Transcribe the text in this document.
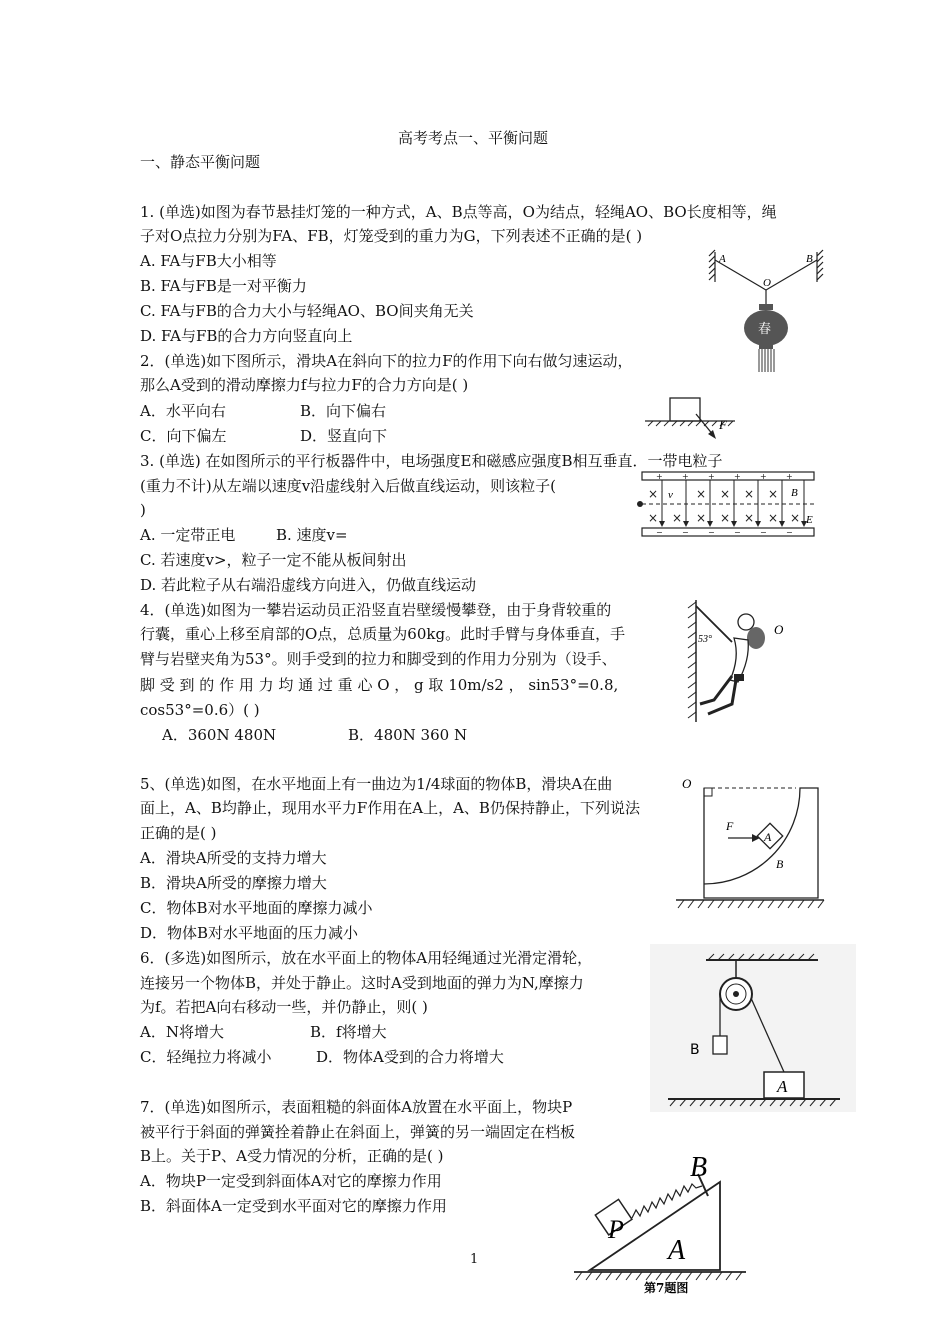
高考考点一、平衡问题
一、静态平衡问题
1. (单选)如图为春节悬挂灯笼的一种方式，A、B点等高，O为结点，轻绳AO、BO长度相等，绳
子对O点拉力分别为FA、FB，灯笼受到的重力为G，下列表述不正确的是( )
A. FA与FB大小相等
B. FA与FB是一对平衡力
C. FA与FB的合力大小与轻绳AO、BO间夹角无关
D. FA与FB的合力方向竖直向上
2．(单选)如下图所示，滑块A在斜向下的拉力F的作用下向右做匀速运动，
那么A受到的滑动摩擦力f与拉力F的合力方向是( )
A．水平向右	B．向下偏右
C．向下偏左	D．竖直向下
3. (单选) 在如图所示的平行板器件中，电场强度E和磁感应强度B相互垂直．一带电粒子
(重力不计)从左端以速度v沿虚线射入后做直线运动，则该粒子(
)
A. 一定带正电	B. 速度v=
C. 若速度v>，粒子一定不能从板间射出
D. 若此粒子从右端沿虚线方向进入，仍做直线运动
4．(单选)如图为一攀岩运动员正沿竖直岩壁缓慢攀登，由于身背较重的
行囊，重心上移至肩部的O点，总质量为60kg。此时手臂与身体垂直，手
臂与岩壁夹角为53°。则手受到的拉力和脚受到的作用力分别为（设手、
脚 受 到 的 作 用 力 均 通 过 重 心 O ， g 取 10m/s2 ， sin53°=0.8,
cos53°=0.6）( )
A．360N 480N	B．480N 360 N
5、(单选)如图，在水平地面上有一曲边为1/4球面的物体B，滑块A在曲
面上，A、B均静止，现用水平力F作用在A上，A、B仍保持静止，下列说法
正确的是( )
A．滑块A所受的支持力增大
B．滑块A所受的摩擦力增大
C．物体B对水平地面的摩擦力减小
D．物体B对水平地面的压力减小
6．(多选)如图所示，放在水平面上的物体A用轻绳通过光滑定滑轮，
连接另一个物体B，并处于静止。这时A受到地面的弹力为N,摩擦力
为f。若把A向右移动一些，并仍静止，则( )
A．N将增大	B．f将增大
C．轻绳拉力将减小	D．物体A受到的合力将增大
7．(单选)如图所示，表面粗糙的斜面体A放置在水平面上，物块P
被平行于斜面的弹簧拴着静止在斜面上，弹簧的另一端固定在档板
B上。关于P、A受力情况的分析，正确的是( )
A．物块P一定受到斜面体A对它的摩擦力作用
B．斜面体A一定受到水平面对它的摩擦力作用
1
春
A	B
O
F
+ + + + + +
− − − − − −
×	× × × ×
× × × × × × ×
v	B
E
53°
O
O
A
F
B
A
B
P
A
B
第7题图
